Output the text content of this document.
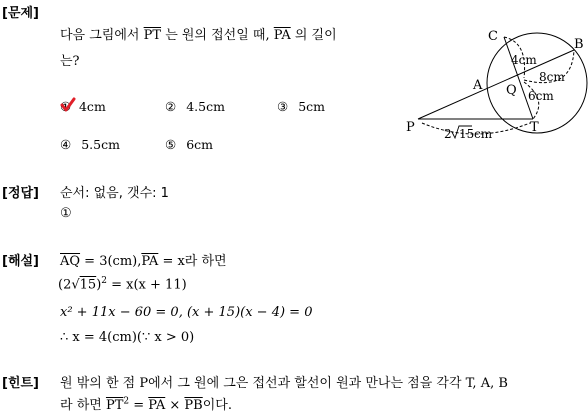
[문제]
다음 그림에서 $\overline{PT}$ 는 원의 접선일 때, $\overline{PA}$ 의 길이
는?
① 4cm	② 4.5cm	③ 5cm
④ 5.5cm	⑤ 6cm
C
B
A Q
P	T
4cm
8cm
6cm
2 15 cm
[정답] 순서: 없음, 갯수: 1
①
[해설] $\overline{AQ} = 3(cm),\overline{PA} = x$라 하면
$(2√15)^2 = x(x + 11)$
x² + 11x − 60 = 0, (x + 15)(x − 4) = 0
∴ x = 4(cm)(∵ x > 0)
[힌트] 원 밖의 한 점 P에서 그 원에 그은 접선과 할선이 원과 만나는 점을 각각 T, A, B
라 하면 $\overline{PT}^2 = \overline{PA} \times \overline{PB}$이다.
